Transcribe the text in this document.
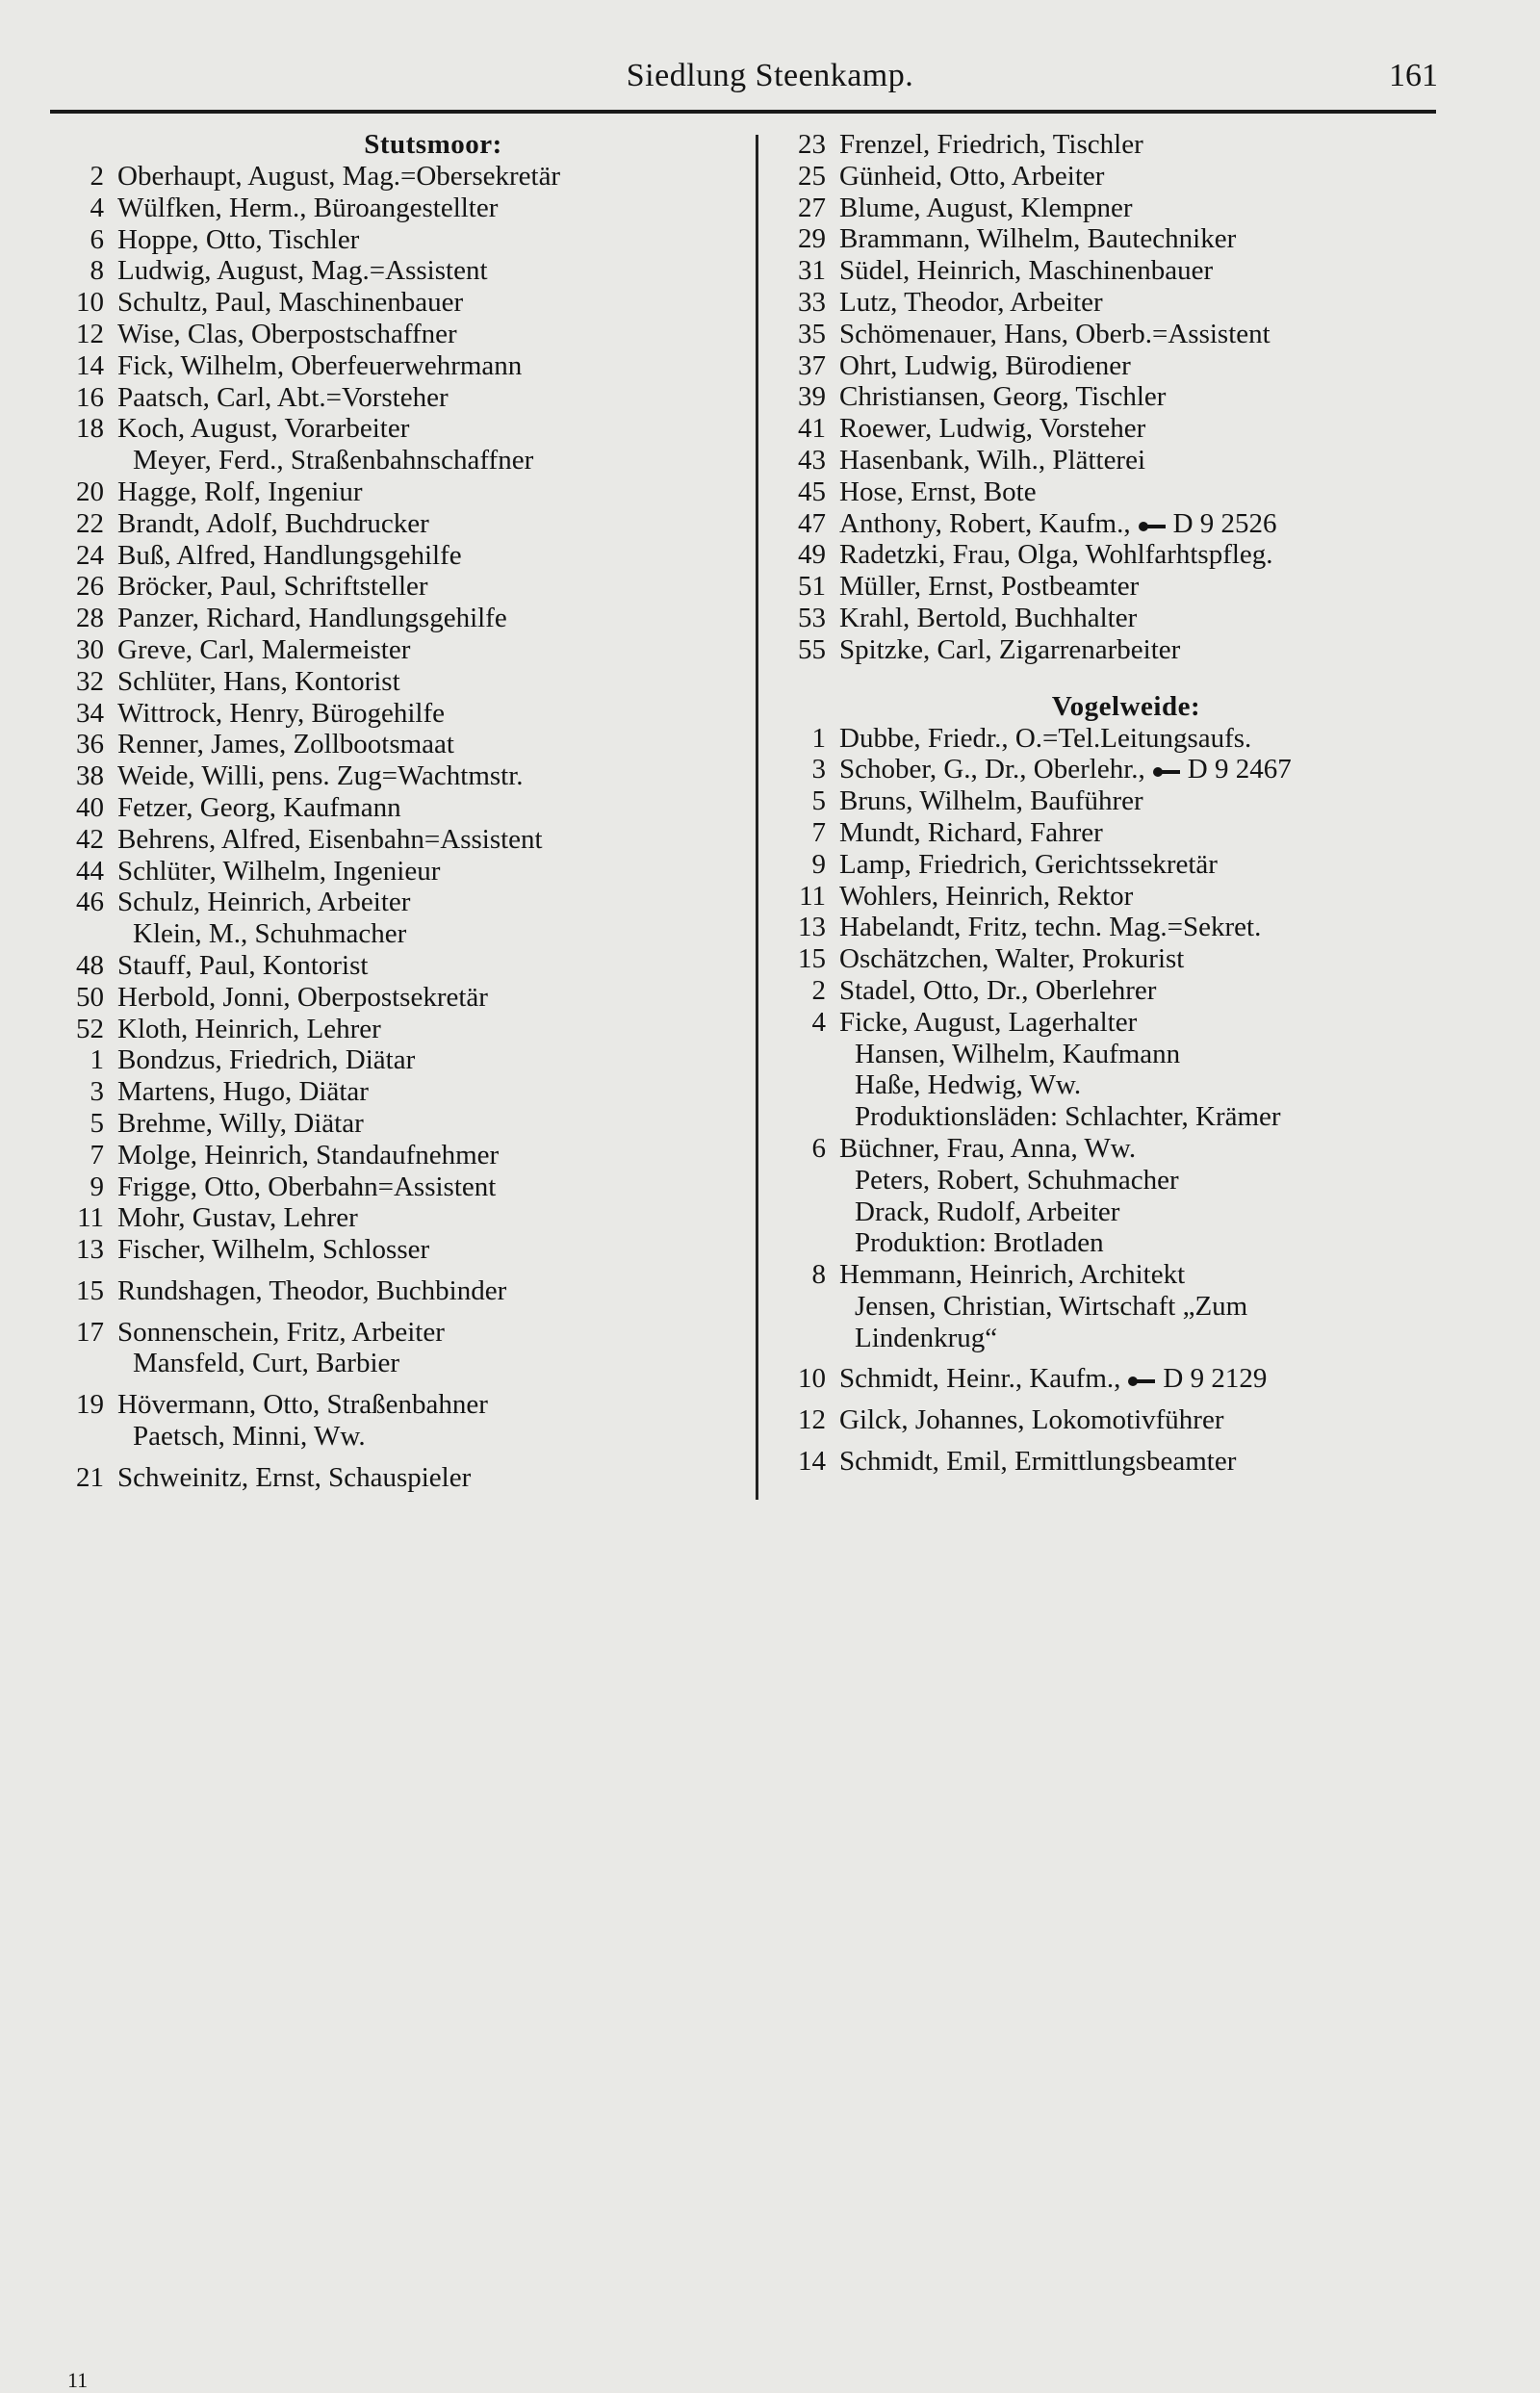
Siedlung Steenkamp.	161
Stutsmoor:
2 Oberhaupt, August, Mag.=Obersekretär
4 Wülfken, Herm., Büroangestellter
6 Hoppe, Otto, Tischler
8 Ludwig, August, Mag.=Assistent
10 Schultz, Paul, Maschinenbauer
12 Wise, Clas, Oberpostschaffner
14 Fick, Wilhelm, Oberfeuerwehrmann
16 Paatsch, Carl, Abt.=Vorsteher
18 Koch, August, Vorarbeiter
Meyer, Ferd., Straßenbahnschaffner
20 Hagge, Rolf, Ingeniur
22 Brandt, Adolf, Buchdrucker
24 Buß, Alfred, Handlungsgehilfe
26 Bröcker, Paul, Schriftsteller
28 Panzer, Richard, Handlungsgehilfe
30 Greve, Carl, Malermeister
32 Schlüter, Hans, Kontorist
34 Wittrock, Henry, Bürogehilfe
36 Renner, James, Zollbootsmaat
38 Weide, Willi, pens. Zug=Wachtmstr.
40 Fetzer, Georg, Kaufmann
42 Behrens, Alfred, Eisenbahn=Assistent
44 Schlüter, Wilhelm, Ingenieur
46 Schulz, Heinrich, Arbeiter
Klein, M., Schuhmacher
48 Stauff, Paul, Kontorist
50 Herbold, Jonni, Oberpostsekretär
52 Kloth, Heinrich, Lehrer
1 Bondzus, Friedrich, Diätar
3 Martens, Hugo, Diätar
5 Brehme, Willy, Diätar
7 Molge, Heinrich, Standaufnehmer
9 Frigge, Otto, Oberbahn=Assistent
11 Mohr, Gustav, Lehrer
13 Fischer, Wilhelm, Schlosser
15 Rundshagen, Theodor, Buchbinder
17 Sonnenschein, Fritz, Arbeiter
Mansfeld, Curt, Barbier
19 Hövermann, Otto, Straßenbahner
Paetsch, Minni, Ww.
21 Schweinitz, Ernst, Schauspieler
23 Frenzel, Friedrich, Tischler
25 Günheid, Otto, Arbeiter
27 Blume, August, Klempner
29 Brammann, Wilhelm, Bautechniker
31 Südel, Heinrich, Maschinenbauer
33 Lutz, Theodor, Arbeiter
35 Schömenauer, Hans, Oberb.=Assistent
37 Ohrt, Ludwig, Bürodiener
39 Christiansen, Georg, Tischler
41 Roewer, Ludwig, Vorsteher
43 Hasenbank, Wilh., Plätterei
45 Hose, Ernst, Bote
47 Anthony, Robert, Kaufm., D 9 2526
49 Radetzki, Frau, Olga, Wohlfarhtspfleg.
51 Müller, Ernst, Postbeamter
53 Krahl, Bertold, Buchhalter
55 Spitzke, Carl, Zigarrenarbeiter
Vogelweide:
1 Dubbe, Friedr., O.=Tel.Leitungsaufs.
3 Schober, G., Dr., Oberlehr., D 9 2467
5 Bruns, Wilhelm, Bauführer
7 Mundt, Richard, Fahrer
9 Lamp, Friedrich, Gerichtssekretär
11 Wohlers, Heinrich, Rektor
13 Habelandt, Fritz, techn. Mag.=Sekret.
15 Oschätzchen, Walter, Prokurist
2 Stadel, Otto, Dr., Oberlehrer
4 Ficke, August, Lagerhalter
Hansen, Wilhelm, Kaufmann
Haße, Hedwig, Ww.
Produktionsläden: Schlachter, Krämer
6 Büchner, Frau, Anna, Ww.
Peters, Robert, Schuhmacher
Drack, Rudolf, Arbeiter
Produktion: Brotladen
8 Hemmann, Heinrich, Architekt
Jensen, Christian, Wirtschaft „Zum
Lindenkrug“
10 Schmidt, Heinr., Kaufm., D 9 2129
12 Gilck, Johannes, Lokomotivführer
14 Schmidt, Emil, Ermittlungsbeamter
11
